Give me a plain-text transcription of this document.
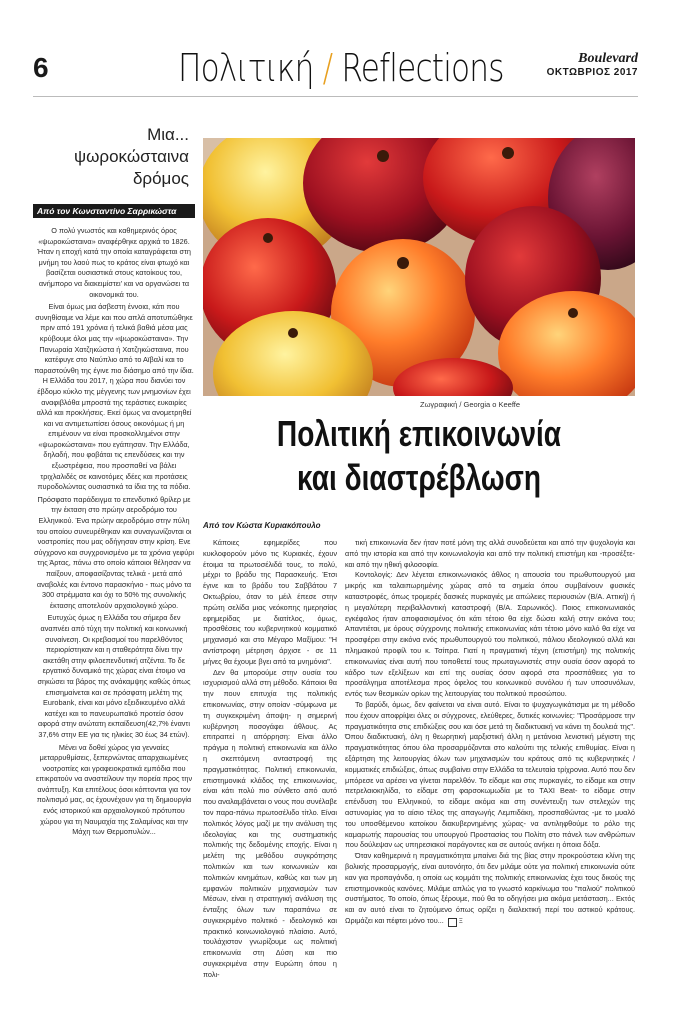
6	Πολιτική / Reflections	Boulevard
ΟΚΤΩΒΡΙΟΣ 2017
Μια...
ψωροκώσταινα
δρόμος
Από τον Κωνσταντίνο Σαρρικώστα

Ο πολύ γνωστός και καθημερινός όρος «ψωροκώσταινα» αναφέρθηκε αρχικά το 1826. Ήταν η εποχή κατά την οποία καταγράφεται στη μνήμη του λαού πως το κράτος είναι φτωχό και βασίζεται ουσιαστικά στους κατοίκους του, ανήμπορο να διακειμίστει' και να οργανώσει τα οικονομικά του.

Είναι όμως μια άσβεστη έννοια, κάτι που συνηθίσαμε να λέμε και που απλά αποτυπώθηκε πριν από 191 χρόνια ή τελικά βαθιά μέσα μας κρύβουμε όλοι μας την «ψωροκώσταινα». Την Πανωραία Χατζηκώστα ή Χατζηκώσταινα, που κατέφυγε στο Ναύπλιο από το Αϊβαλί και το παραστούνθη της έγινε πιο διάσημο από την ίδια. Η Ελλάδα του 2017, η χώρα που διανύει τον έβδομο κύκλο της μέγγενης των μνημονίων έχει αναφιβλόθα μπροστά της τεράστιες ευκαιρίες αλλά και προκλήσεις. Εκεί όμως να ανομετρηθεί και να αντιμετωπίσει όσους οικονόμως ή μη επιμένουν να είναι προσκολλημένοι στην «ψωροκώσταινα» που εγάπησαν. Την Ελλάδα, δηλαδή, που φοβάται τις επενδύσεις και την εξωστρέφεια, που προσπαθεί να βάλει τριχλαλιδές σε καινοτόμες ιδέες και προτάσεις πυροδολώντας ουσιαστικά τα ίδια της τα πόδια.

Πρόσφατο παράδειγμα το επενδυτικό θρίλερ με την έκταση στο πρώην αεροδρόμιο του Ελληνικού. Ένα πρώην αεροδρόμιο στην πύλη του οποίου συνευρέθηκαν και συναγωνίζονται οι νοστροπίες που μας οδήγησαν στην κρίση. Ενε σύγχρονο και συγχρονισμένο με τα χρόνια γεφύρι της Άρτας, πάνω στο οποίο κάποιοι θέλησαν να παίξουν, αποφασίζοντας τελικά - μετά από αναβολές και έντονο παρασκήνιο - πως μόνο τα 300 στρέμματα και όχι το 50% της συνολικής έκτασης αποτελούν αρχαιολογικό χώρο.

Ευτυχώς όμως η Ελλάδα του σήμερα δεν αναπνέει από τύχη την πολιτική και κοινωνική συναίνεση. Οι κρεβασμοί του παρελθόντος περιορίστηκαν και η σταθερότητα δίνει την ακετάθη στην φιλοεπενδυτική ατζέντα. Το δε εργατικό δυναμικό της χώρας είναι έτοιμο να σηκώσει τα βάρος της ανάκαμψης καθώς όπως επισημαίνεται και σε πρόσφατη μελέτη της Eurobank, είναι και μόνο εξειδικευμένο αλλά κατέχει και το πανευρωπαϊκό προτείσ όσον αφορά στην ανώτατη εκπαίδευση(42,7% έναντι 37,6% στην ΕΕ για τις ηλικίες 30 έως 34 ετών).

Μένει να δοθεί χώρος για γενναίες μεταρρυθμίσεις, ξεπερνώντας απαρχαιωμένες νοοτροπίες και γραφειοκρατικά εμπόδια που επικρατούν να αναστείλουν την πορεία προς την ανάπτυξη. Και επιτέλους όσοι κόπτονται για τον πολιτισμό μας, ας έχουνέχουν για τη δημιουργία ενός ιστορικού και αρχαιολογικού πρότυπου χώρου για τη Ναυμαχία της Σαλαμίνας και την Μάχη των Θερμοπυλών...

Ζωγραφική / Georgia o Keeffe
Πολιτική επικοινωνία
και διαστρέβλωση
Από τον Κώστα Κυριακόπουλο

Κάποιες εφημερίδες που κυκλοφορούν μόνο τις Κυριακές, έχουν έτοιμα τα πρωτοσέλιδά τους, το πολύ, μέχρι το βράδυ της Παρασκευής. Έτσι έγινε και το βράδυ του Σαββάτου 7 Οκτωβρίου, όταν το μέιλ έπεσε στην πρώτη σελίδα μιας νεόκοπης ημερησίας εφημερίδας με διατίτλος, όμως, προσθέσεις του κυβερνητικού κομματικό μηχανισμό και στο Μέγαρο Μαξίμου: "Η αντίστροφη μέτρηση άρχισε - σε 11 μήνες θα έχουμε βγει από τα μνημόνια".

Δεν θα μπορούμε στην ουσία του ισχυρισμού αλλά στη μέθοδο. Κάποιοι θα την πουν επιτυχία της πολιτικής επικοινωνίας, στην οποίαν -σύμφωνα με τη συγκεκριμένη άποψη- η σημερινή κυβέρνηση ποσογάφει άθλους. Ας επιτραπεί η απόρρηση: Είναι άλλο πράγμα η πολιτική επικοινωνία και άλλο η σκεπτόμενη ανταστροφή της πραγματικότητας. Πολιτική επικοινωνία, επιστημονικά κλάδος της επικοινωνίας, είναι κάτι πολύ πιο σύνθετο από αυτό που αναλαμβάνεται ο νους που συνέλαβε τον παρα-πάνω πρωτοσέλιδο τίτλο. Είναι πολιτικός λόγος μαζί με την ανάλυση της ιδεολογίας και της συστηματικής πολιτικής της δεδομένης εποχής. Είναι η μελέτη της μεθόδου συγκρότησης πολιτικών και των κοινωνικών και πολιτικών κινημάτων, καθώς και των μη εμφανών πολιτικών μηχανισμών των Μέσων, είναι η στρατηγική ανάλυση της ένταξης όλων των παραπάνω σε συγκεκριμένο πολιτικό - ιδεολογικό και πρακτικό κοινωνιολογικό πλαίσιο. Αυτό, τουλάχιστον γνωρίζουμε ως πολιτική επικοινωνία στη Δύση και πιο συγκεκριμένα στην Ευρώπη όπου η πολι-

τική επικοινωνία δεν ήταν ποτέ μόνη της αλλά συνοδεύεται και από την ψυχολογία και από την ιστορία και από την κοινωνιολογία και από την πολιτική επιστήμη και -προσέξτε- και από την ηθική φιλοσοφία.

Κοντολογίς: Δεν λέγεται επικοινωνιακός άθλος η απουσία του πρωθυπουργού μια μικρής και ταλαιπωρημένης χώρας από τα σημεία όπου συμβαίνουν φυσικές καταστροφές, όπως τρομερές δασικές πυρκαγιές με απώλειες περιουσιών (Β/Α. Αττική) ή η μεγαλύτερη περιβαλλοντική καταστροφή (Β/Α. Σαρωνικός). Ποιος επικοινωνιακός εγκέφαλος ήταν αποφασισμένος ότι κάτι τέτοιο θα είχε δώσει καλή στην εικόνα του; Απαντιέται, με όρους σύγχρονης πολιτικής επικοινωνίας κάτι τέτοιο μόνο καλό θα είχε να προσφέρει στην εικόνα ενός πρωθυπουργού του πολιτικού, πάλιου ιδεολογικού αλλά και πλημαικού προφίλ του κ. Τσίπρα. Γιατί η πραγματική τέχνη (επιστήμη) της πολιτικής επικοινωνίας είναι αυτή που τοποθετεί τους πρωταγωνιστές στην ουσία όσον αφορά το κάδρο των εξελίξεων και επί της ουσίας όσον αφορά στα προσπάθειες για το προσάλγημα αποτέλεσμα προς όφελος του κοινωνικού συνόλου ή των υποσυνόλων, εντός των θεσμικών ορίων της λειτουργίας του πολιτικού προσώπου.

Το βαρύδι, όμως, δεν φαίνεται να είναι αυτό. Είναι το ψυχαγωγικάτισμα με τη μέθοδο που έχουν αποφρίψει όλες οι σύγχρονες, ελεύθερες, δυτικές κοινωνίες: "Προσάρμοσε την πραγματικότητα στις επιδιώξεις σου και όσε μετά τη διαδικτυακή να κάνει τη δουλειά της". Όπου διαδικτυακή, όλη η θεωρητική μαρξιστική άλλη η μετάνοια λενιστική μέγιστη της πραγματικότητας όπου όλα προσαρμόζονται στο καλούπι της τελικής επιθυμίας. Είναι η εξάρτηση της λειτουργίας όλων των μηχανισμών του κράτους από τις κυβερνητικές / κομματικές επιδιώξεις, όπως συμβαίνει στην Ελλάδα τα τελευταία τρίχρονια. Αυτό που δεν μπόρεσε να αρέσει να γίνεται παρελθόν. Το είδαμε και στις πυρκαγιές, το είδαμε και στην πετρελαιοκηλίδα, το είδαμε στη φαρσοκωμωδία με το TAXI Beat- το είδαμε στην επένδυση του Ελληνικού, το είδαμε ακόμα και στη συνέντευξη των στελεχών της αστυνομίας για το αίσιο τέλος της απαγωγής Λεμπιδάκη, προσπαθώντας -με το μυαλό του υποσθέμενου κατοίκου διακυβερνημένης χώρας- να αντιληφθούμε το ρόλο της καμαρωτής παρουσίας του υπουργού Προστασίας του Πολίτη στο πάνελ των ανθρώπων που δούλεψαν ως υπηρεσιακοί παράγοντες και σε αυτούς ανήκει η όποια δόξα.

Όταν καθημερινά η πραγματικότητα μπαίνει διά της βίας στην προκρούστεια κλίνη της βολικής προσαρμογής, είναι αυτονόητο, ότι δεν μιλάμε ούτε για πολιτική επικοινωνία ούτε καν για προπαγάνδα, η οποία ως κομμάτι της πολιτικής επικοινωνίας έχει τους δικούς της επιστημονικούς κανόνες. Μιλάμε απλώς για το γνωστό καρκίνωμα του "παλιού" πολιτικού συστήματος. Το οποίο, όπως ξέρουμε, πού θα το οδηγήσει μια ακόμα μετάσταση... Εκτός και αν αυτό είναι το ζητούμενο όπως ορίζει η διαλεκτική περί του αστικού κράτους. Ωριμάζει και πέφτει μόνο του...	Ξ
